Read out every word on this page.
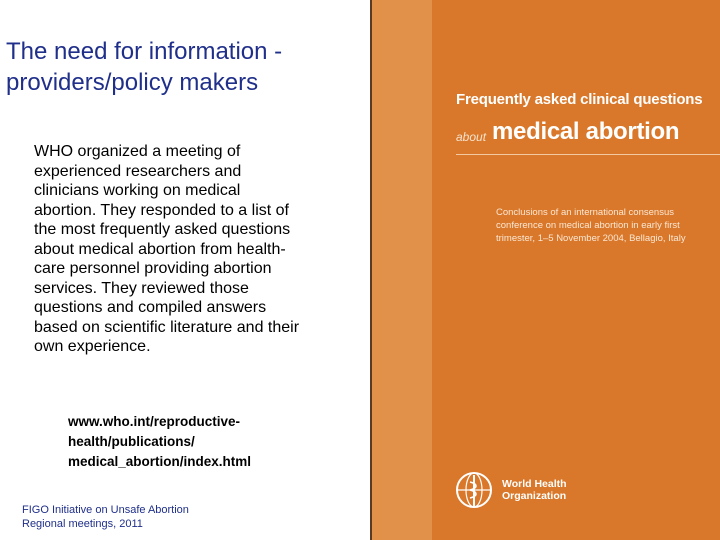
The need for information - providers/policy makers
WHO organized a meeting of experienced researchers and clinicians working on medical abortion. They responded to a list of the most frequently asked questions about medical abortion from health-care personnel providing abortion services. They reviewed those questions and compiled answers based on scientific literature and their own experience.
www.who.int/reproductive-health/publications/ medical_abortion/index.html
FIGO Initiative on Unsafe Abortion
Regional meetings, 2011
Frequently asked clinical questions
about medical abortion
Conclusions of an international consensus conference on medical abortion in early first trimester, 1–5 November 2004, Bellagio, Italy
World Health
Organization
